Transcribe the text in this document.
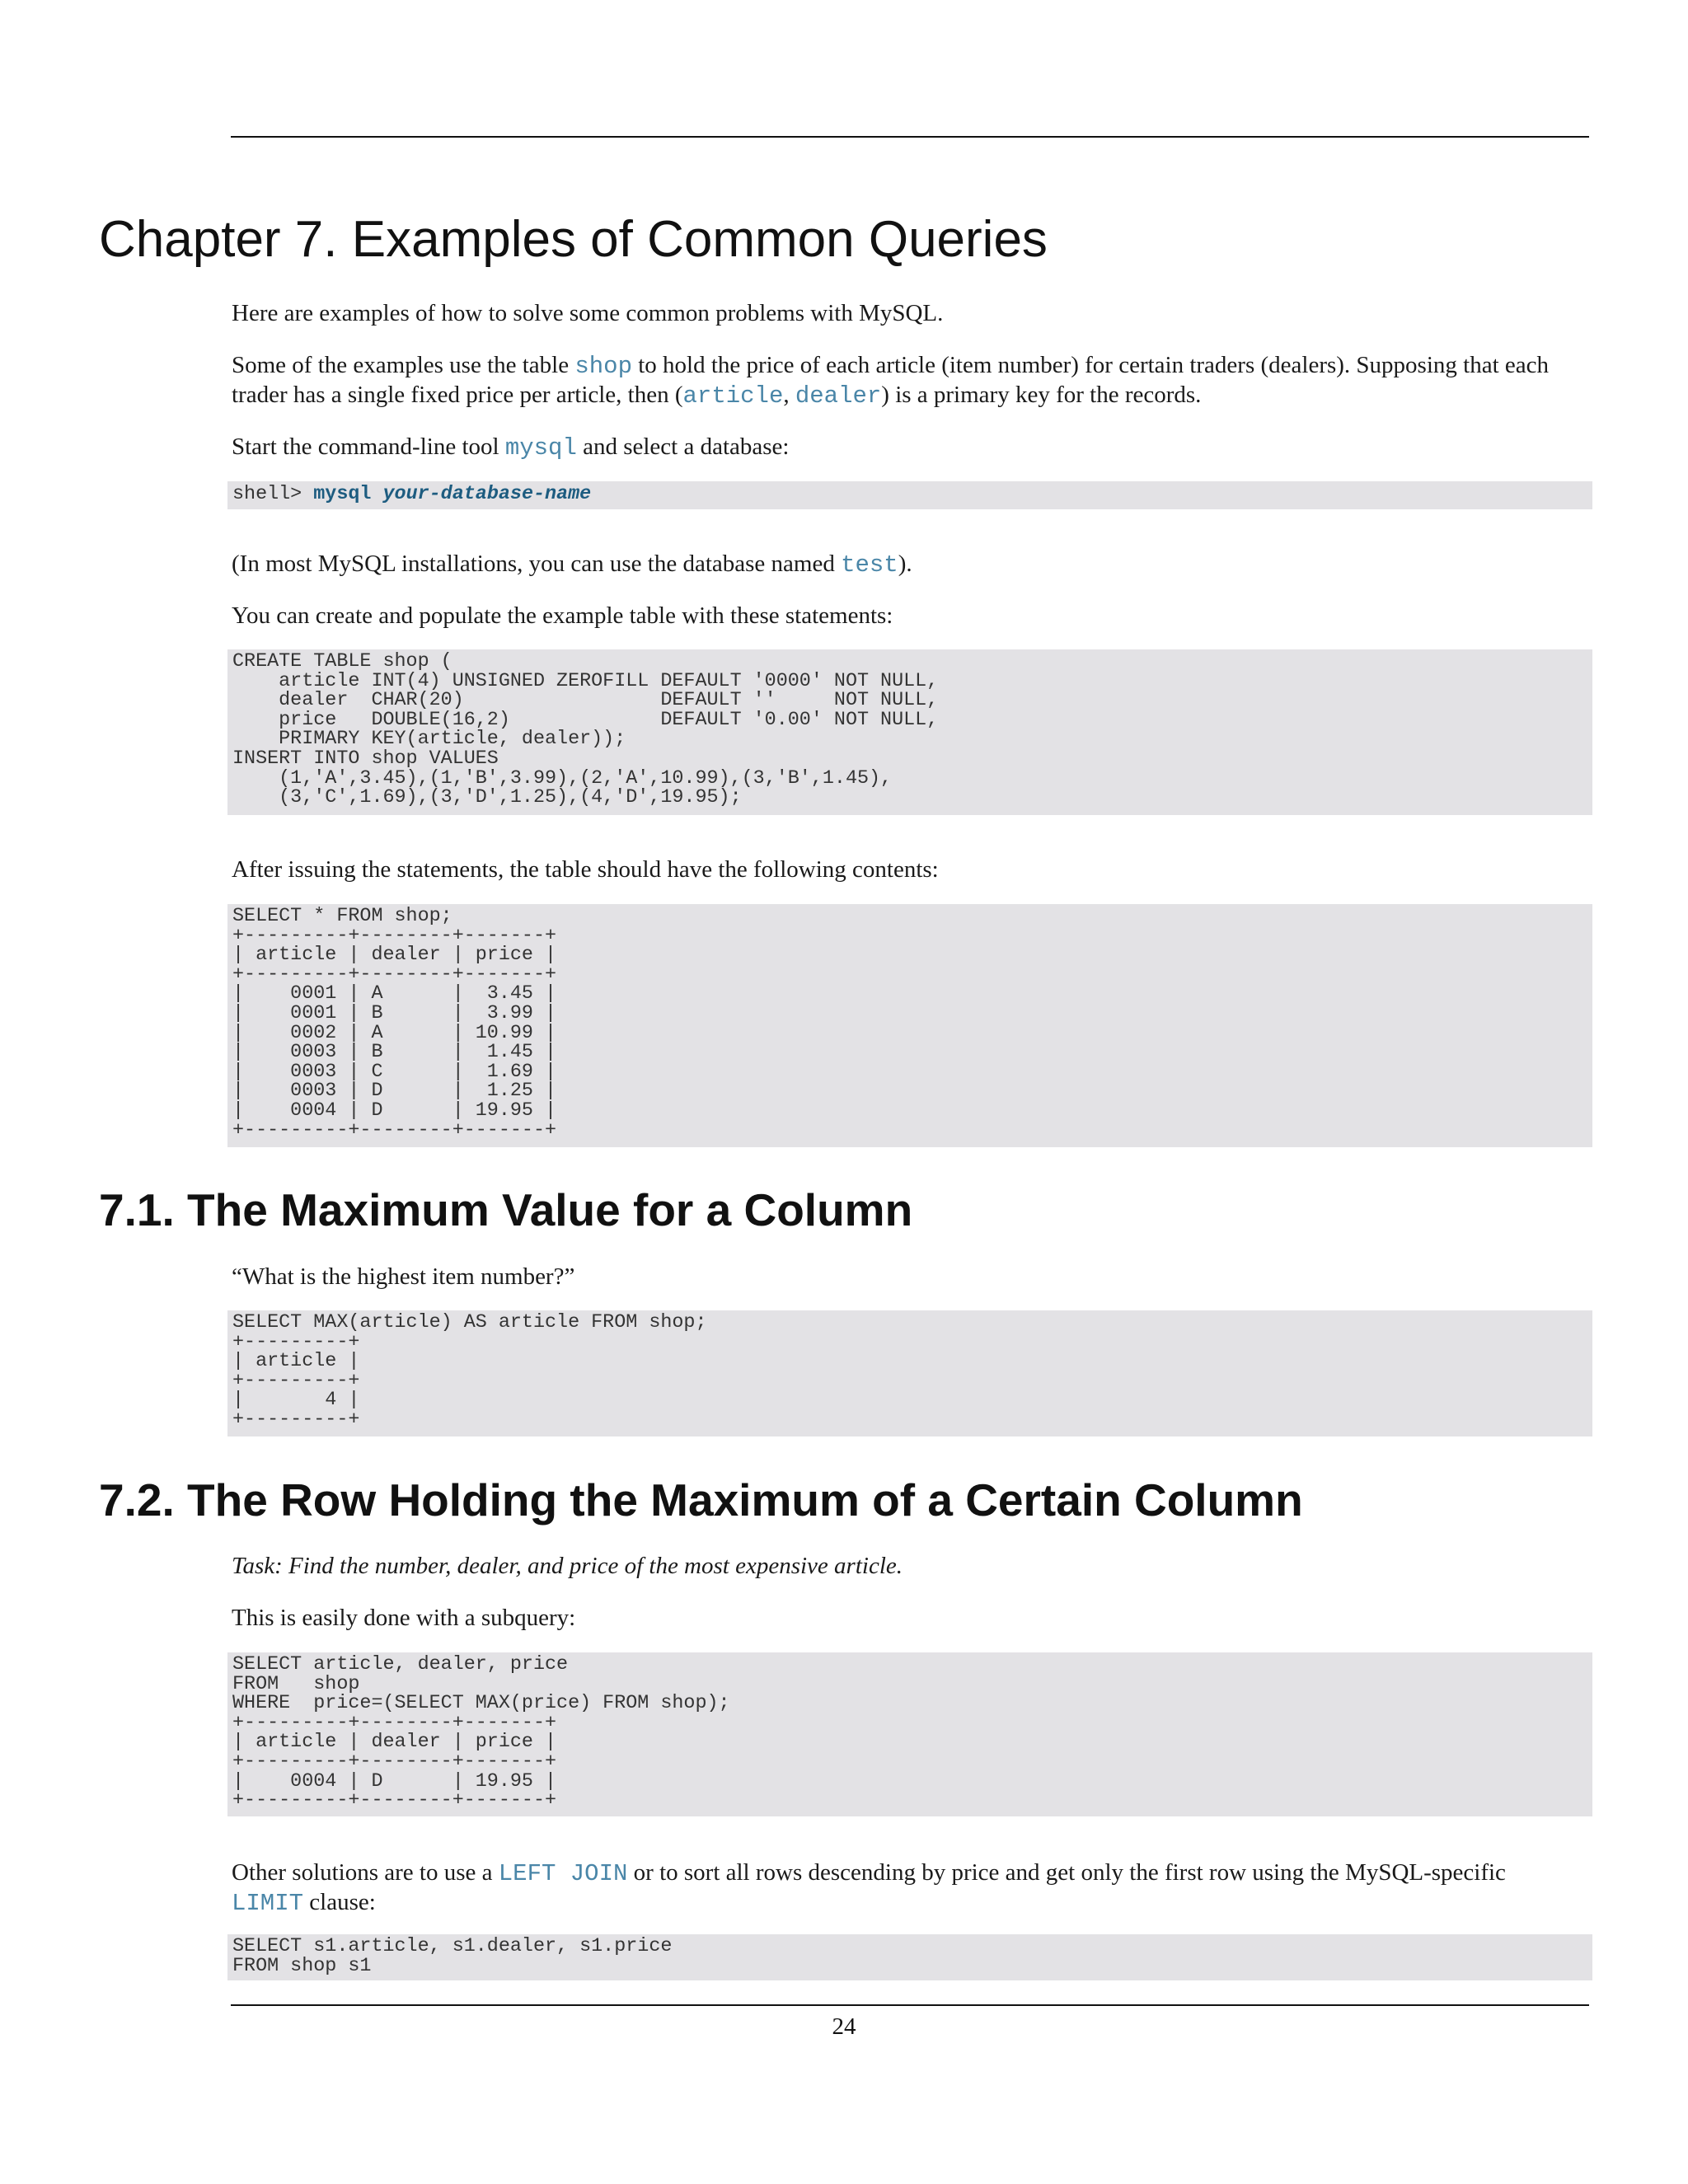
Chapter 7. Examples of Common Queries

Here are examples of how to solve some common problems with MySQL.

Some of the examples use the table shop to hold the price of each article (item number) for certain traders (dealers). Supposing that each trader has a single fixed price per article, then (article, dealer) is a primary key for the records.

Start the command-line tool mysql and select a database:

shell> mysql your-database-name

(In most MySQL installations, you can use the database named test).

You can create and populate the example table with these statements:

CREATE TABLE shop (
article INT(4) UNSIGNED ZEROFILL DEFAULT '0000' NOT NULL,
dealer  CHAR(20)                 DEFAULT ''     NOT NULL,
price   DOUBLE(16,2)             DEFAULT '0.00' NOT NULL,
PRIMARY KEY(article, dealer));
INSERT INTO shop VALUES
(1,'A',3.45),(1,'B',3.99),(2,'A',10.99),(3,'B',1.45),
(3,'C',1.69),(3,'D',1.25),(4,'D',19.95);

After issuing the statements, the table should have the following contents:

SELECT * FROM shop;
+---------+--------+-------+
| article | dealer | price |
+---------+--------+-------+
|    0001 | A      |  3.45 |
|    0001 | B      |  3.99 |
|    0002 | A      | 10.99 |
|    0003 | B      |  1.45 |
|    0003 | C      |  1.69 |
|    0003 | D      |  1.25 |
|    0004 | D      | 19.95 |
+---------+--------+-------+
7.1. The Maximum Value for a Column

“What is the highest item number?”

SELECT MAX(article) AS article FROM shop;
+---------+
| article |
+---------+
|       4 |
+---------+
7.2. The Row Holding the Maximum of a Certain Column

Task: Find the number, dealer, and price of the most expensive article.

This is easily done with a subquery:

SELECT article, dealer, price
FROM   shop
WHERE  price=(SELECT MAX(price) FROM shop);
+---------+--------+-------+
| article | dealer | price |
+---------+--------+-------+
|    0004 | D      | 19.95 |
+---------+--------+-------+

Other solutions are to use a LEFT JOIN or to sort all rows descending by price and get only the first row using the MySQL-specific LIMIT clause:

SELECT s1.article, s1.dealer, s1.price
FROM shop s1
24
